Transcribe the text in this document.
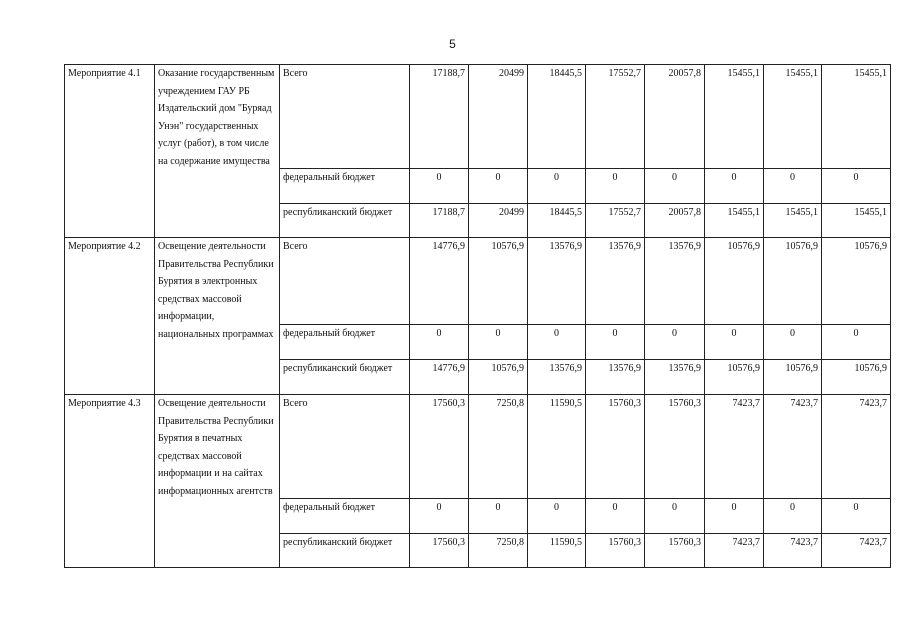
5
Мероприятие 4.1	Оказание государственным учреждением ГАУ РБ Издательский дом "Буряад Унэн" государственных услуг (работ), в том числе на содержание имущества	Всего	17188,7	20499	18445,5	17552,7	20057,8	15455,1	15455,1	15455,1
		федеральный бюджет	0	0	0	0	0	0	0	0
		республиканский бюджет	17188,7	20499	18445,5	17552,7	20057,8	15455,1	15455,1	15455,1
Мероприятие 4.2	Освещение деятельности Правительства Республики Бурятия в электронных средствах массовой информации, национальных программах	Всего	14776,9	10576,9	13576,9	13576,9	13576,9	10576,9	10576,9	10576,9
		федеральный бюджет	0	0	0	0	0	0	0	0
		республиканский бюджет	14776,9	10576,9	13576,9	13576,9	13576,9	10576,9	10576,9	10576,9
Мероприятие 4.3	Освещение деятельности Правительства Республики Бурятия в печатных средствах массовой информации и на сайтах информационных агентств	Всего	17560,3	7250,8	11590,5	15760,3	15760,3	7423,7	7423,7	7423,7
		федеральный бюджет	0	0	0	0	0	0	0	0
		республиканский бюджет	17560,3	7250,8	11590,5	15760,3	15760,3	7423,7	7423,7	7423,7
